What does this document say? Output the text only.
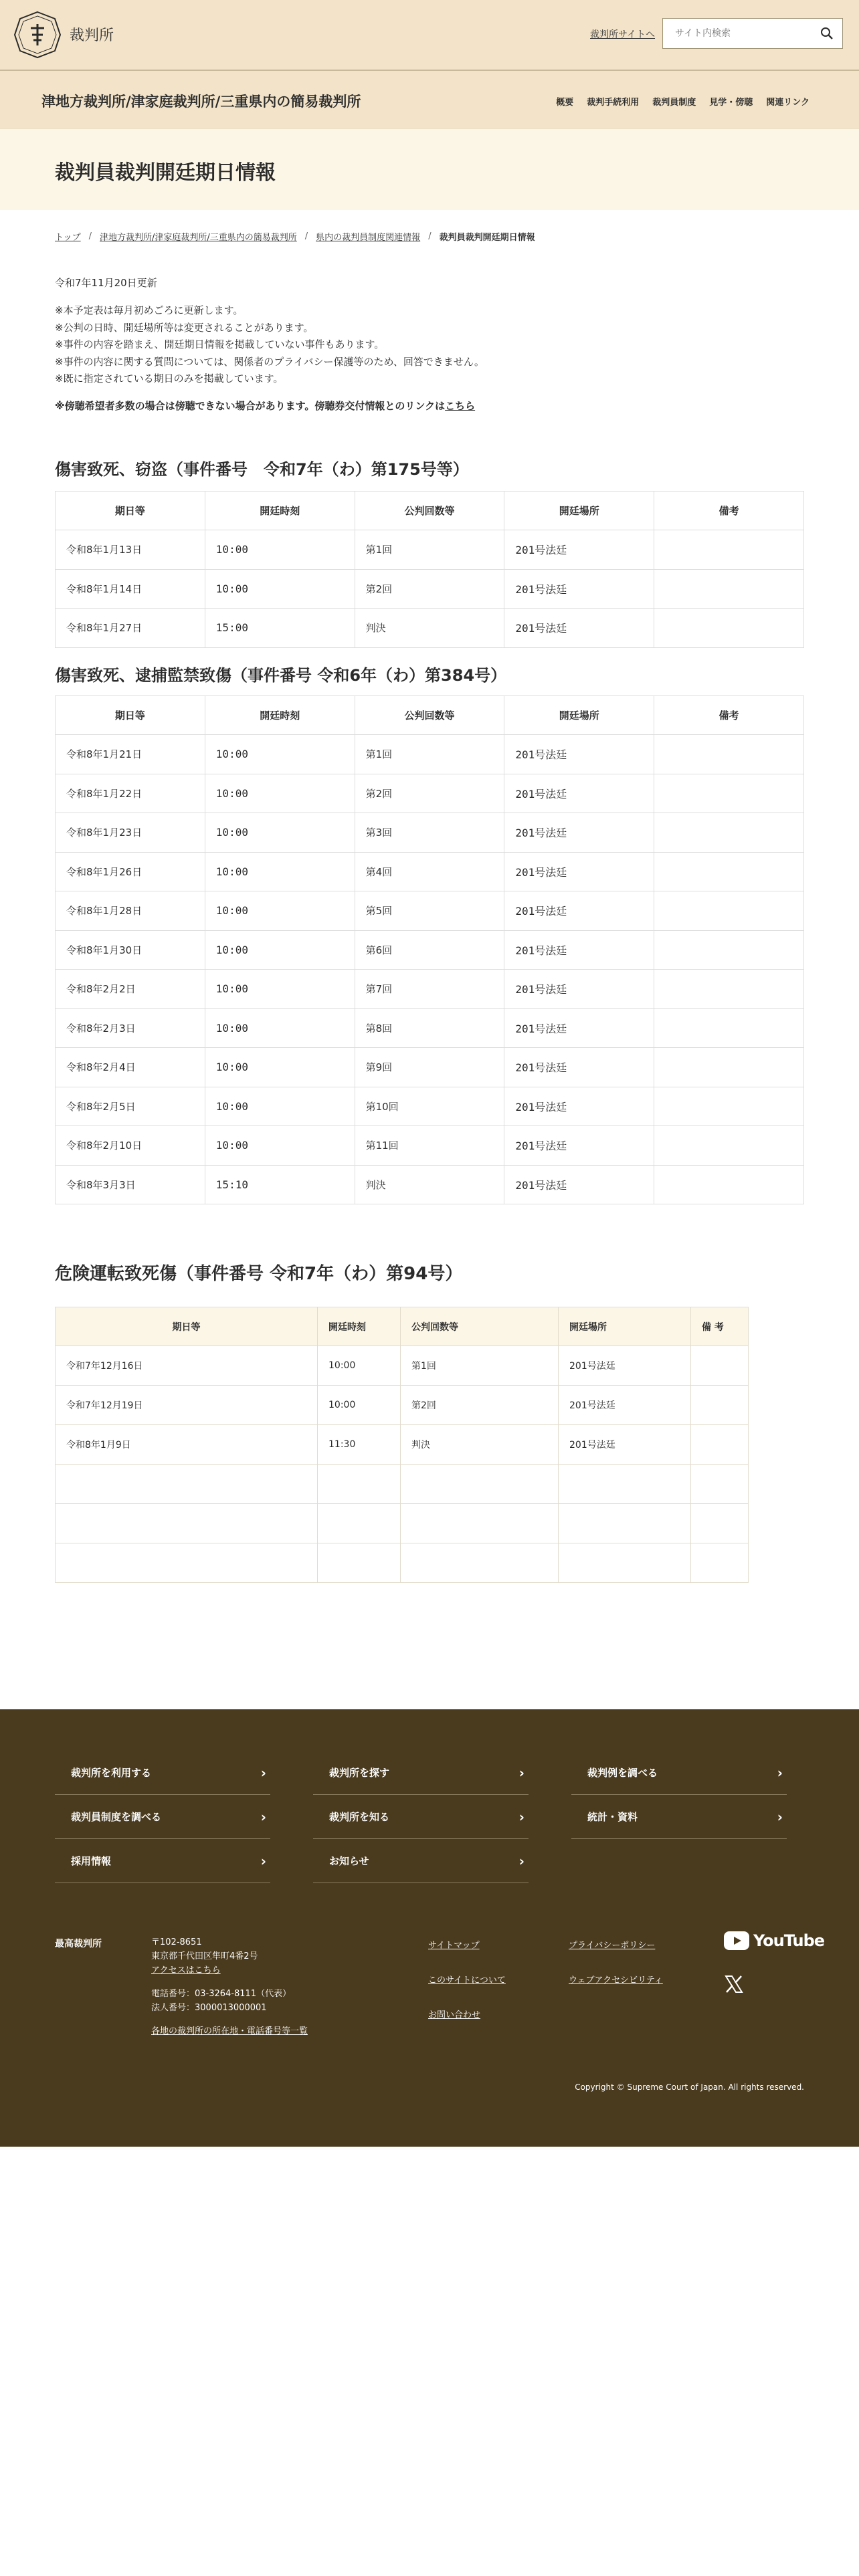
裁判所	裁判所サイトへ
サイト内検索
津地方裁判所/津家庭裁判所/三重県内の簡易裁判所	概要	裁判手続利用	裁判員制度	見学・傍聴	関連リンク
裁判員裁判開廷期日情報
トップ / 津地方裁判所/津家庭裁判所/三重県内の簡易裁判所 / 県内の裁判員制度関連情報 / 裁判員裁判開廷期日情報
令和7年11月20日更新
※本予定表は毎月初めごろに更新します。
※公判の日時、開廷場所等は変更されることがあります。
※事件の内容を踏まえ、開廷期日情報を掲載していない事件もあります。
※事件の内容に関する質問については、関係者のプライバシー保護等のため、回答できません。
※既に指定されている期日のみを掲載しています。
※傍聴希望者多数の場合は傍聴できない場合があります。傍聴券交付情報とのリンクはこちら
傷害致死、窃盗（事件番号　令和7年（わ）第175号等）
期日等	開廷時刻	公判回数等	開廷場所	備考
令和8年1月13日	10:00	第1回	201号法廷	
令和8年1月14日	10:00	第2回	201号法廷	
令和8年1月27日	15:00	判決	201号法廷	
傷害致死、逮捕監禁致傷（事件番号 令和6年（わ）第384号）
期日等	開廷時刻	公判回数等	開廷場所	備考
令和8年1月21日	10:00	第1回	201号法廷	
令和8年1月22日	10:00	第2回	201号法廷	
令和8年1月23日	10:00	第3回	201号法廷	
令和8年1月26日	10:00	第4回	201号法廷	
令和8年1月28日	10:00	第5回	201号法廷	
令和8年1月30日	10:00	第6回	201号法廷	
令和8年2月2日	10:00	第7回	201号法廷	
令和8年2月3日	10:00	第8回	201号法廷	
令和8年2月4日	10:00	第9回	201号法廷	
令和8年2月5日	10:00	第10回	201号法廷	
令和8年2月10日	10:00	第11回	201号法廷	
令和8年3月3日	15:10	判決	201号法廷	
危険運転致死傷（事件番号 令和7年（わ）第94号）
期日等	開廷時刻	公判回数等	開廷場所	備 考
令和7年12月16日	10:00	第1回	201号法廷	
令和7年12月19日	10:00	第2回	201号法廷	
令和8年1月9日	11:30	判決	201号法廷	

裁判所を利用する	›	裁判所を探す	›	裁判例を調べる	›
裁判員制度を調べる	›	裁判所を知る	›	統計・資料	›
採用情報	›	お知らせ	›
最高裁判所	〒102-8651
東京都千代田区隼町4番2号
アクセスはこちら
電話番号：03-3264-8111（代表）
法人番号：3000013000001
各地の裁判所の所在地・電話番号等一覧
サイトマップ
このサイトについて
お問い合わせ
プライバシーポリシー
ウェブアクセシビリティ
YouTube
Copyright © Supreme Court of Japan. All rights reserved.
